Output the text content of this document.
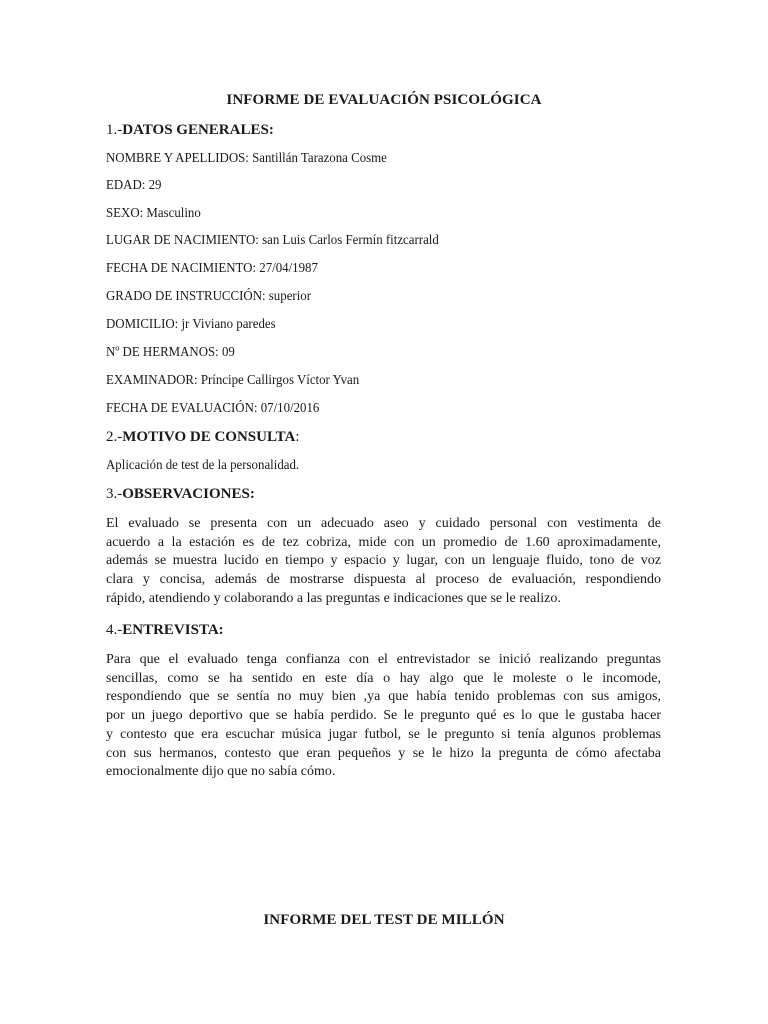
INFORME DE EVALUACIÓN PSICOLÓGICA
1.-DATOS GENERALES:
NOMBRE Y APELLIDOS: Santillán Tarazona Cosme
EDAD: 29
SEXO: Masculino
LUGAR DE NACIMIENTO: san Luis Carlos Fermín fitzcarrald
FECHA DE NACIMIENTO: 27/04/1987
GRADO DE INSTRUCCIÓN: superior
DOMICILIO: jr Viviano paredes
Nº DE HERMANOS: 09
EXAMINADOR: Príncipe Callirgos Víctor Yvan
FECHA DE EVALUACIÓN: 07/10/2016
2.-MOTIVO DE CONSULTA:
Aplicación de test de la personalidad.
3.-OBSERVACIONES:
El evaluado se presenta con un adecuado aseo y cuidado personal con vestimenta de
acuerdo a la estación es de tez cobriza, mide con un promedio de 1.60 aproximadamente,
además se muestra lucido en tiempo y espacio y lugar, con un lenguaje fluido, tono de voz
clara y concisa, además de mostrarse dispuesta al proceso de evaluación, respondiendo
rápido, atendiendo y colaborando a las preguntas e indicaciones que se le realizo.
4.-ENTREVISTA:
Para que el evaluado tenga confianza con el entrevistador se inició realizando preguntas
sencillas, como se ha sentido en este día o hay algo que le moleste o le incomode,
respondiendo que se sentía no muy bien ,ya que había tenido problemas con sus amigos,
por un juego deportivo que se había perdido. Se le pregunto qué es lo que le gustaba hacer
y contesto que era escuchar música jugar futbol, se le pregunto si tenía algunos problemas
con sus hermanos, contesto que eran pequeños y se le hizo la pregunta de cómo afectaba
emocionalmente dijo que no sabía cómo.
INFORME DEL TEST DE MILLÓN
